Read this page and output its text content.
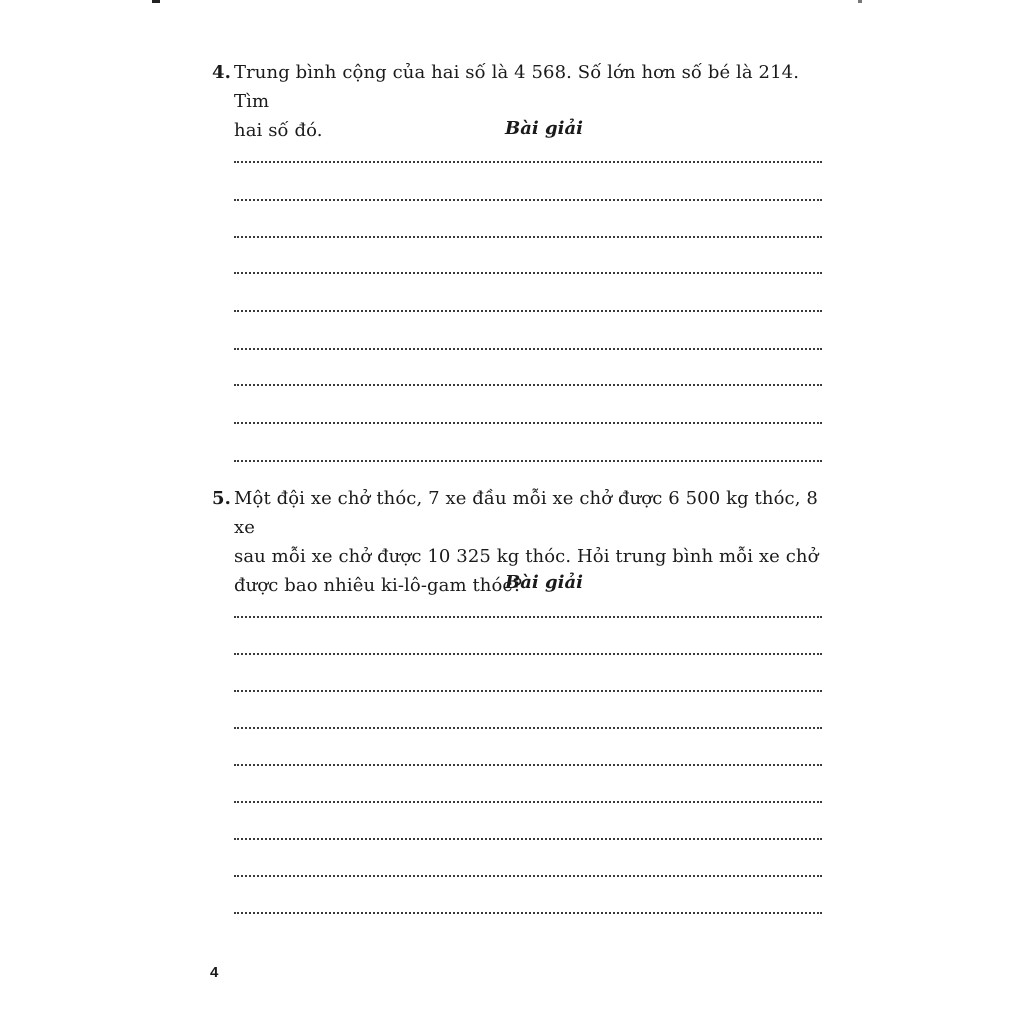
4. Trung bình cộng của hai số là 4 568. Số lớn hơn số bé là 214. Tìm
hai số đó.	Bài giải

5. Một đội xe chở thóc, 7 xe đầu mỗi xe chở được 6 500 kg thóc, 8 xe
sau mỗi xe chở được 10 325 kg thóc. Hỏi trung bình mỗi xe chở
được bao nhiêu ki-lô-gam thóc?

Bài giải

4
